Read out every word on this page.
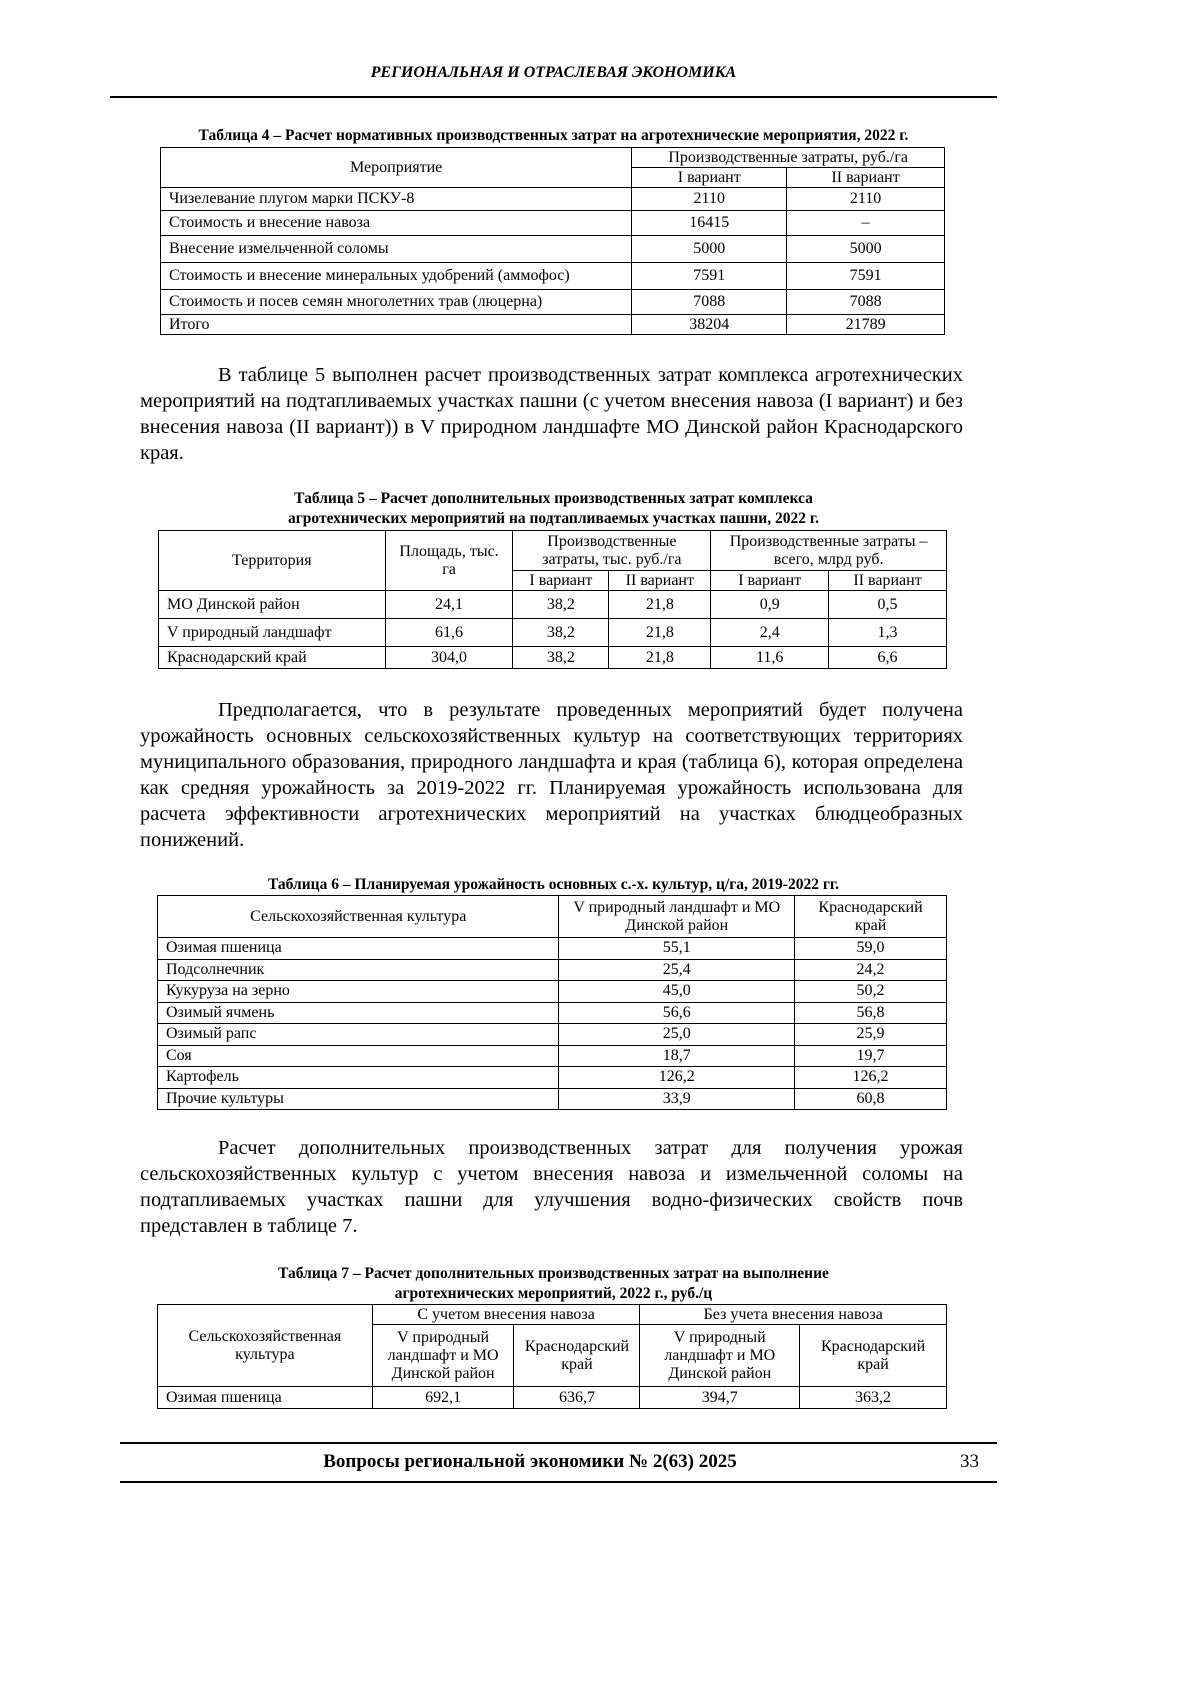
РЕГИОНАЛЬНАЯ И ОТРАСЛЕВАЯ ЭКОНОМИКА
Таблица 4 – Расчет нормативных производственных затрат на агротехнические мероприятия, 2022 г.
Мероприятие	Производственные затраты, руб./га	
	I вариант	II вариант
Чизелевание плугом марки ПСКУ-8	2110	2110
Стоимость и внесение навоза	16415	–
Внесение измельченной соломы	5000	5000
Стоимость и внесение минеральных удобрений (аммофос)	7591	7591
Стоимость и посев семян многолетних трав (люцерна)	7088	7088
Итого	38204	21789

В таблице 5 выполнен расчет производственных затрат комплекса агротехнических мероприятий на подтапливаемых участках пашни (с учетом внесения навоза (I вариант) и без внесения навоза (II вариант)) в V природном ландшафте МО Динской район Краснодарского края.

Таблица 5 – Расчет дополнительных производственных затрат комплекса
агротехнических мероприятий на подтапливаемых участках пашни, 2022 г.
Территория	Площадь, тыс. га	Производственные затраты, тыс. руб./га		Производственные затраты – всего, млрд руб.	
		I вариант	II вариант	I вариант	II вариант
МО Динской район	24,1	38,2	21,8	0,9	0,5
V природный ландшафт	61,6	38,2	21,8	2,4	1,3
Краснодарский край	304,0	38,2	21,8	11,6	6,6

Предполагается, что в результате проведенных мероприятий будет получена урожайность основных сельскохозяйственных культур на соответствующих территориях муниципального образования, природного ландшафта и края (таблица 6), которая определена как средняя урожайность за 2019-2022 гг. Планируемая урожайность использована для расчета эффективности агротехнических мероприятий на участках блюдцеобразных понижений.

Таблица 6 – Планируемая урожайность основных с.-х. культур, ц/га, 2019-2022 гг.
Сельскохозяйственная культура	V природный ландшафт и МО Динской район	Краснодарский край
Озимая пшеница	55,1	59,0
Подсолнечник	25,4	24,2
Кукуруза на зерно	45,0	50,2
Озимый ячмень	56,6	56,8
Озимый рапс	25,0	25,9
Соя	18,7	19,7
Картофель	126,2	126,2
Прочие культуры	33,9	60,8

Расчет дополнительных производственных затрат для получения урожая сельскохозяйственных культур с учетом внесения навоза и измельченной соломы на подтапливаемых участках пашни для улучшения водно-физических свойств почв представлен в таблице 7.

Таблица 7 – Расчет дополнительных производственных затрат на выполнение
агротехнических мероприятий, 2022 г., руб./ц
Сельскохозяйственная культура	С учетом внесения навоза		Без учета внесения навоза	
	V природный ландшафт и МО Динской район	Краснодарский край	V природный ландшафт и МО Динской район	Краснодарский край
Озимая пшеница	692,1	636,7	394,7	363,2
Вопросы региональной экономики № 2(63) 2025	33
